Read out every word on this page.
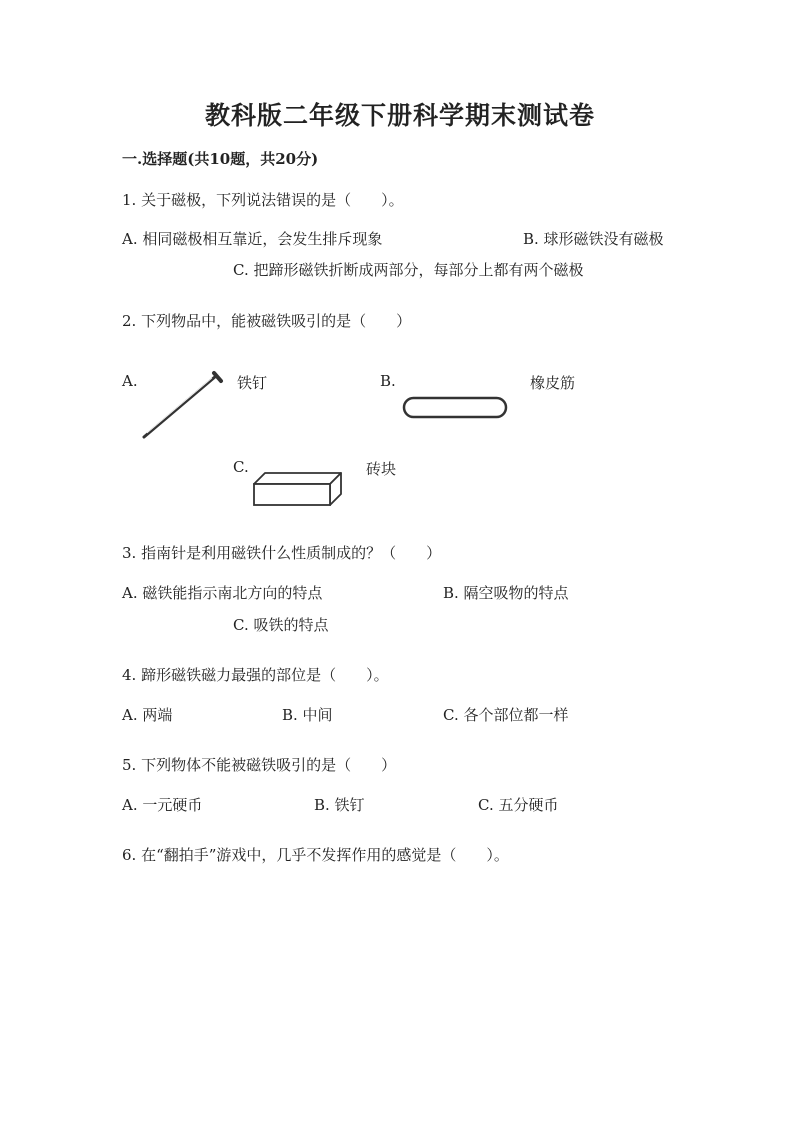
教科版二年级下册科学期末测试卷
一.选择题(共10题，共20分)
1. 关于磁极，下列说法错误的是（　　）。
A. 相同磁极相互靠近，会发生排斥现象	B. 球形磁铁没有磁极
C. 把蹄形磁铁折断成两部分，每部分上都有两个磁极
2. 下列物品中，能被磁铁吸引的是（　　）
A.	铁钉	B.	橡皮筋
C.	砖块
3. 指南针是利用磁铁什么性质制成的？（　　）
A. 磁铁能指示南北方向的特点	B. 隔空吸物的特点
C. 吸铁的特点
4. 蹄形磁铁磁力最强的部位是（　　）。
A. 两端	B. 中间	C. 各个部位都一样
5. 下列物体不能被磁铁吸引的是（　　）
A. 一元硬币	B. 铁钉	C. 五分硬币
6. 在“翻拍手”游戏中，几乎不发挥作用的感觉是（　　）。
